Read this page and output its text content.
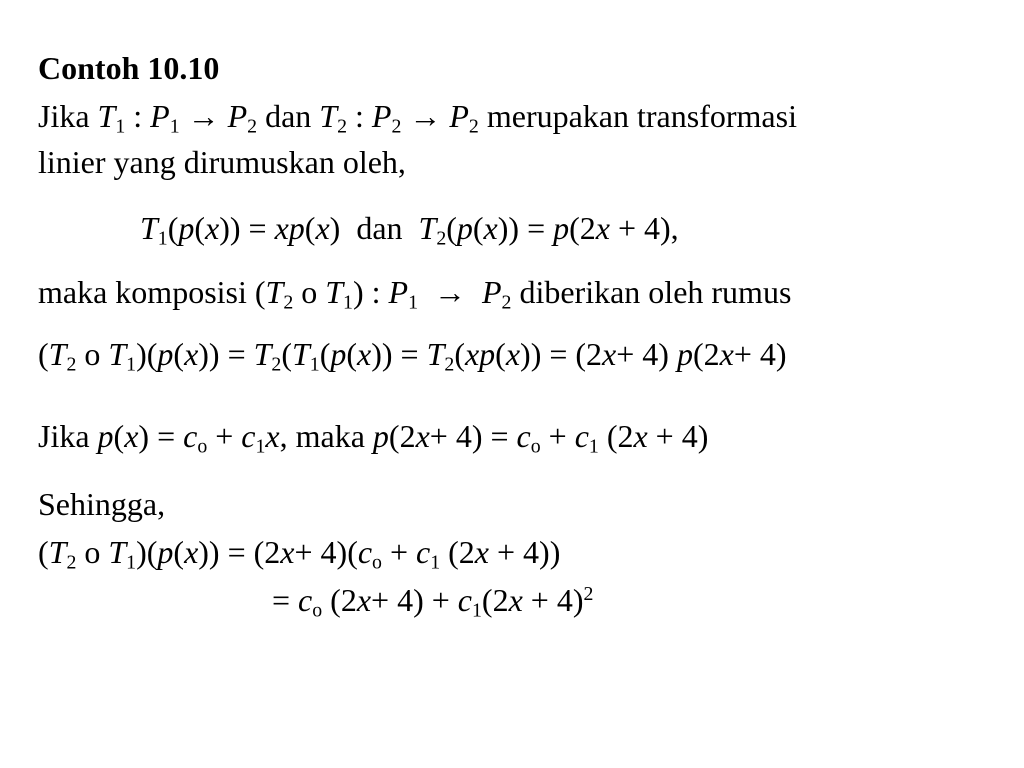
Contoh 10.10
Jika $T_1$ : $P_1 \to P_2$ dan $T_2$ : $P_2 \to P_2$ merupakan transformasi
linier yang dirumuskan oleh,
$T_1(p(x)) = xp(x)$  dan  $T_2(p(x)) = p(2x + 4)$,
maka komposisi ($T_2$ o $T_1$) : $P_1 \to P_2$ diberikan oleh rumus
($T_2$ o $T_1)(p(x)) = T_2(T_1(p(x)) = T_2(xp(x)) = (2x+ 4)$ p(2x+ 4)
Jika $p(x) = c_o + c_1x$, maka $p(2x+ 4) = c_o + c_1$ (2x + 4)
Sehingga,
($T_2$ o $T_1)(p(x)) = (2x+ 4)(c_o + c_1$ (2x + 4))
= $c_o$ $(2x+ 4) + c_1(2x + 4)^2$
